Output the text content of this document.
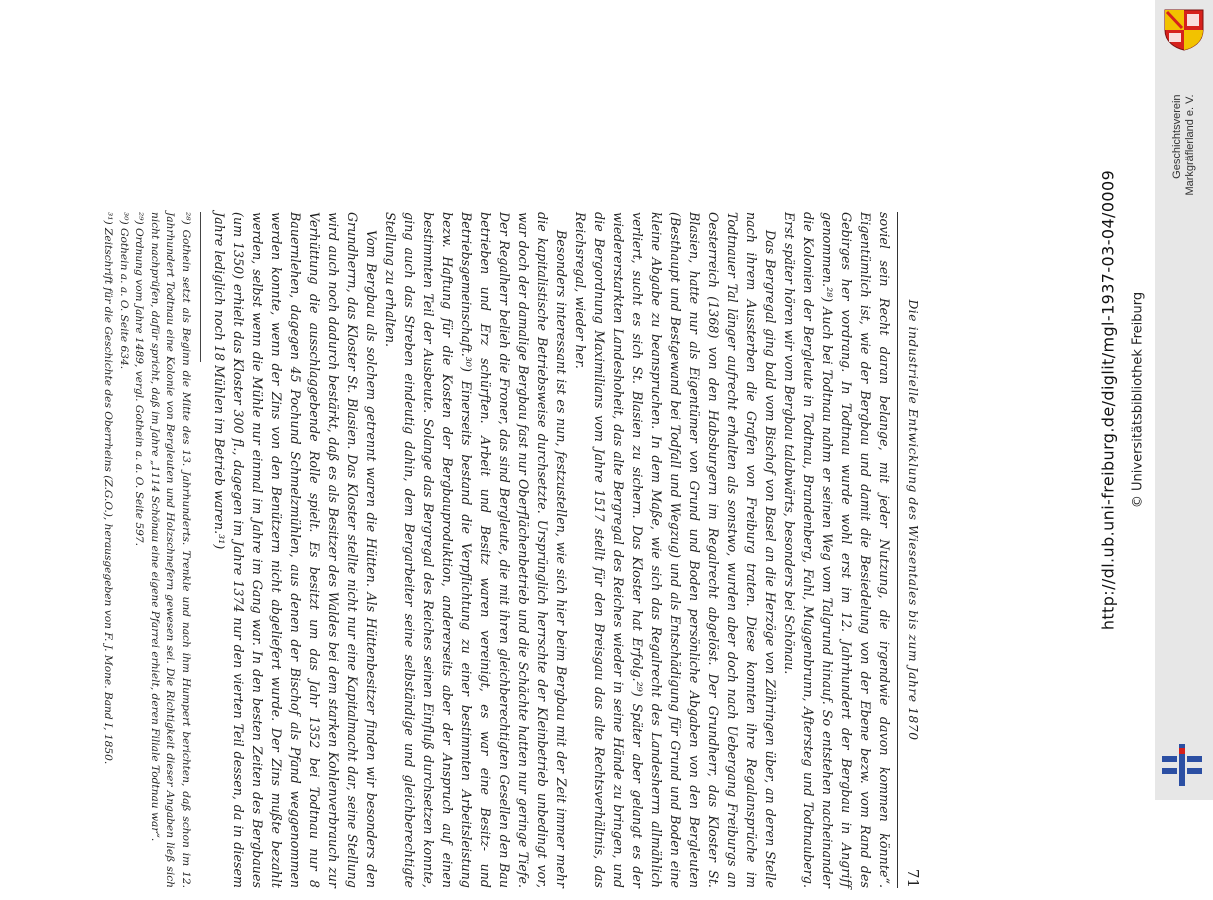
Die industrielle Entwicklung des Wiesentales bis zum Jahre 1870
71

soviel sein Recht daran belange, mit jeder Nutzung, die irgendwie davon kommen könnte“. Eigentümlich ist, wie der Bergbau und damit die Besiedelung von der Ebene bezw. vom Rand des Gebirges her vordrang. In Todtnau wurde wohl erst im 12. Jahrhundert der Bergbau in Angriff genommen.²⁸) Auch bei Todtnau nahm er seinen Weg vom Talgrund hinauf. So entstehen nacheinander die Kolonien der Bergleute in Todtnau, Brandenberg, Fahl, Muggenbrunn, Aftersteg und Todtnauberg. Erst später hören wir vom Bergbau talabwärts, besonders bei Schönau.

Das Bergregal ging bald vom Bischof von Basel an die Herzöge von Zähringen über, an deren Stelle nach ihrem Aussterben die Grafen von Freiburg traten. Diese konnten ihre Regalansprüche im Todtnauer Tal länger aufrecht erhalten als sonstwo, wurden aber doch nach Uebergang Freiburgs an Oesterreich (1368) von den Habsburgern im Regalrecht abgelöst. Der Grundherr, das Kloster St. Blasien, hatte nur als Eigentümer von Grund und Boden persönliche Abgaben von den Bergleuten (Besthaupt und Bestgewand bei Todfall und Wegzug) und als Entschädigung für Grund und Boden eine kleine Abgabe zu beanspruchen. In dem Maße, wie sich das Regalrecht des Landesherrn allmählich verliert, sucht es sich St. Blasien zu sichern. Das Kloster hat Erfolg.²⁹) Später aber gelangt es der wiedererstarkten Landeshoheit, das alte Bergregal des Reiches wieder in seine Hände zu bringen, und die Bergordnung Maximilians vom Jahre 1517 stellt für den Breisgau das alte Rechtsverhältnis, das Reichsregal, wieder her.

Besonders interessant ist es nun, festzustellen, wie sich hier beim Bergbau mit der Zeit immer mehr die kapitalistische Betriebsweise durchsetzte. Ursprünglich herrschte der Kleinbetrieb unbedingt vor, war doch der damalige Bergbau fast nur Oberflächenbetrieb und die Schächte hatten nur geringe Tiefe. Der Regalherr belieh die Froner, das sind Bergleute, die mit ihren gleichberechtigten Gesellen den Bau betrieben und Erz schürften. Arbeit und Besitz waren vereinigt, es war eine Besitz- und Betriebsgemeinschaft.³⁰) Einerseits bestand die Verpflichtung zu einer bestimmten Arbeitsleistung bezw. Haftung für die Kosten der Bergbauproduktion, andererseits aber der Anspruch auf einen bestimmten Teil der Ausbeute. Solange das Bergregal des Reiches seinen Einfluß durchsetzen konnte, ging auch das Streben eindeutig dahin, dem Bergarbeiter seine selbständige und gleichberechtigte Stellung zu erhalten.

Vom Bergbau als solchem getrennt waren die Hütten. Als Hüttenbesitzer finden wir besonders den Grundherrn, das Kloster St. Blasien. Das Kloster stellte nicht nur eine Kapitalmacht dar, seine Stellung wird auch noch dadurch bestärkt, daß es als Besitzer des Waldes bei dem starken Kohlenverbrauch zur Verhüttung die ausschlaggebende Rolle spielt. Es besitzt um das Jahr 1352 bei Todtnau nur 8 Bauernlehen, dagegen 45 Pochund Schmelzmühlen, aus denen der Bischof als Pfand weggenommen werden konnte, wenn der Zins von den Benützern nicht abgeliefert wurde. Der Zins mußte bezahlt werden, selbst wenn die Mühle nur einmal im Jahre im Gang war. In den besten Zeiten des Bergbaues (um 1350) erhielt das Kloster 300 fl., dagegen im Jahre 1374 nur den vierten Teil dessen, da in diesem Jahre lediglich noch 18 Mühlen im Betrieb waren.³¹)

²⁸) Gothein setzt als Beginn die Mitte des 13. Jahrhunderts. Trenkle und nach ihm Humpert berichten, daß schon im 12. Jahrhundert Todtnau eine Kolonie von Bergleuten und Holzschnefern gewesen sei. Die Richtigkeit dieser Angaben ließ sich nicht nachprüfen, dafür spricht, daß im Jahre „1114 Schönau eine eigene Pfarrei erhielt, deren Filiale Todtnau war“.

²⁹) Ordnung vom Jahre 1489, vergl. Gothein a. a. O. Seite 597.

³⁰) Gothein a. a. O. Seite 634.

³¹) Zeitschrift für die Geschichte des Oberrheins (Z.G.O.), herausgegeben von F. J. Mone. Band I, 1850.	http://dl.ub.uni-freiburg.de/diglit/mgl-1937-03-04/0009 © Universitätsbibliothek Freiburg
Geschichtsverein Markgräflerland e. V.
